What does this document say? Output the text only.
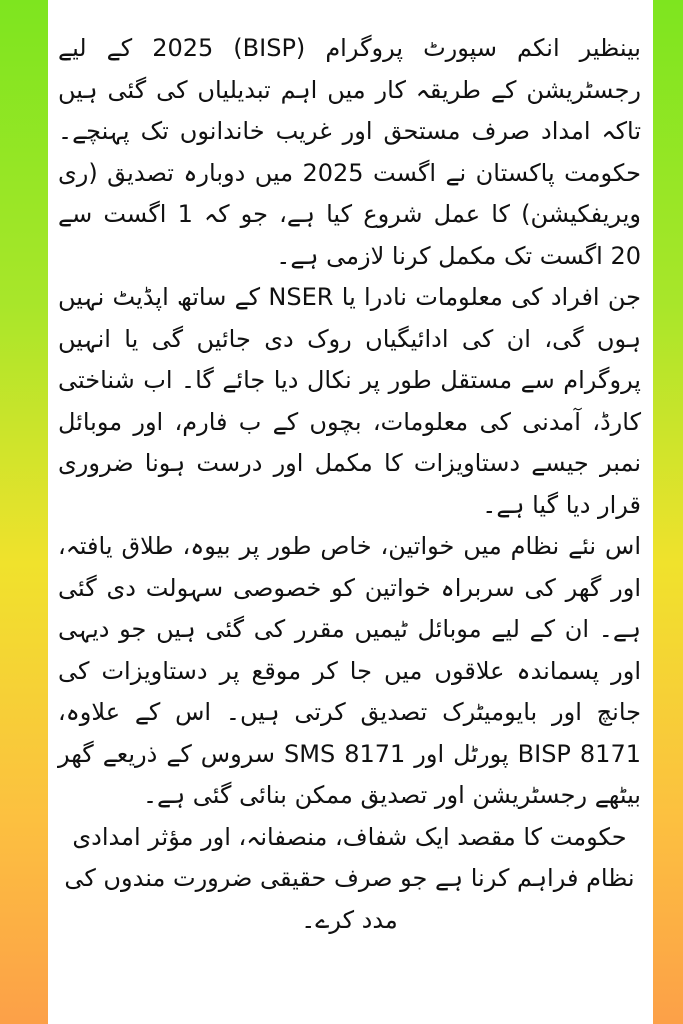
بینظیر انکم سپورٹ پروگرام (BISP) 2025 کے لیے رجسٹریشن کے طریقہ کار میں اہم تبدیلیاں کی گئی ہیں تاکہ امداد صرف مستحق اور غریب خاندانوں تک پہنچے۔ حکومت پاکستان نے اگست 2025 میں دوبارہ تصدیق (ری ویریفکیشن) کا عمل شروع کیا ہے، جو کہ 1 اگست سے 20 اگست تک مکمل کرنا لازمی ہے۔

جن افراد کی معلومات نادرا یا NSER کے ساتھ اپڈیٹ نہیں ہوں گی، ان کی ادائیگیاں روک دی جائیں گی یا انہیں پروگرام سے مستقل طور پر نکال دیا جائے گا۔ اب شناختی کارڈ، آمدنی کی معلومات، بچوں کے ب فارم، اور موبائل نمبر جیسے دستاویزات کا مکمل اور درست ہونا ضروری قرار دیا گیا ہے۔

اس نئے نظام میں خواتین، خاص طور پر بیوہ، طلاق یافتہ، اور گھر کی سربراہ خواتین کو خصوصی سہولت دی گئی ہے۔ ان کے لیے موبائل ٹیمیں مقرر کی گئی ہیں جو دیہی اور پسماندہ علاقوں میں جا کر موقع پر دستاویزات کی جانچ اور بایومیٹرک تصدیق کرتی ہیں۔ اس کے علاوہ، BISP 8171 پورٹل اور SMS 8171 سروس کے ذریعے گھر بیٹھے رجسٹریشن اور تصدیق ممکن بنائی گئی ہے۔

حکومت کا مقصد ایک شفاف، منصفانہ، اور مؤثر امدادی نظام فراہم کرنا ہے جو صرف حقیقی ضرورت مندوں کی مدد کرے۔
